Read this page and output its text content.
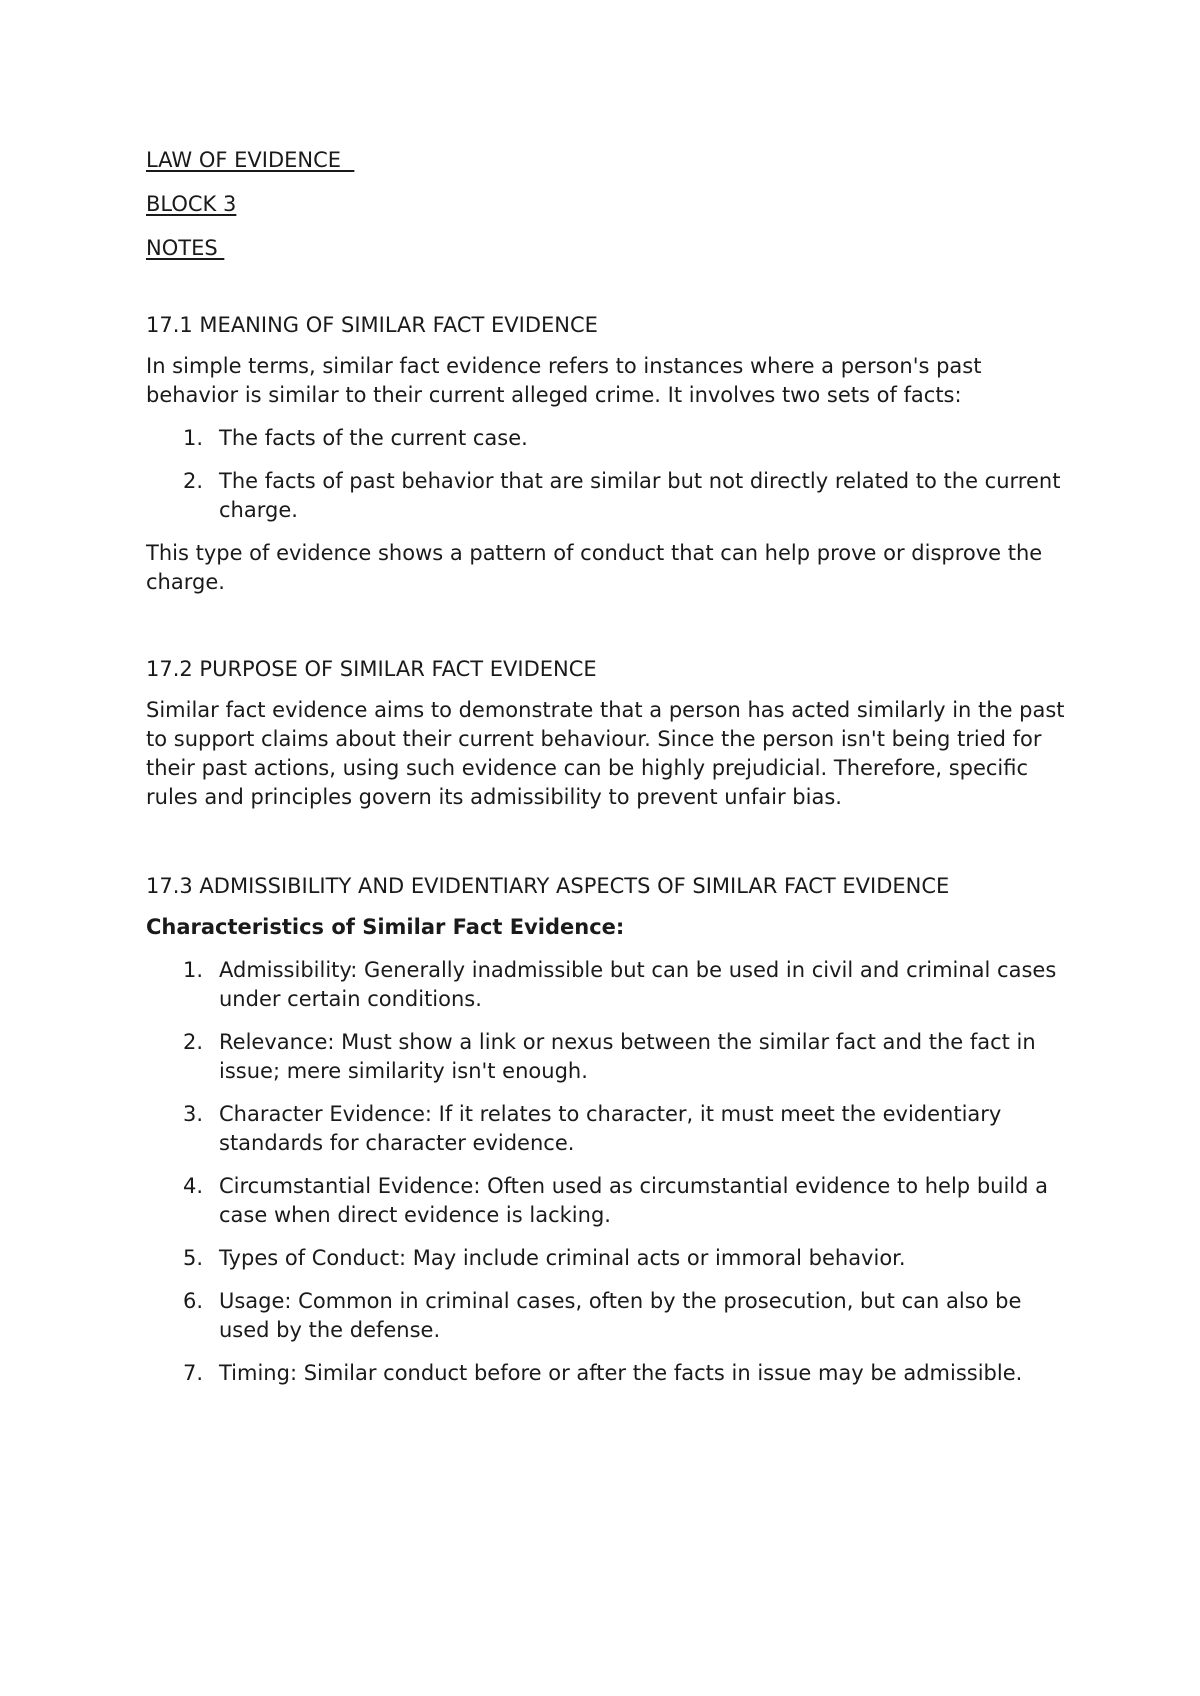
LAW OF EVIDENCE
BLOCK 3
NOTES
17.1 MEANING OF SIMILAR FACT EVIDENCE

In simple terms, similar fact evidence refers to instances where a person's past behavior is similar to their current alleged crime. It involves two sets of facts:

1. The facts of the current case.
2. The facts of past behavior that are similar but not directly related to the current charge.

This type of evidence shows a pattern of conduct that can help prove or disprove the charge.

17.2 PURPOSE OF SIMILAR FACT EVIDENCE

Similar fact evidence aims to demonstrate that a person has acted similarly in the past to support claims about their current behaviour. Since the person isn't being tried for their past actions, using such evidence can be highly prejudicial. Therefore, specific rules and principles govern its admissibility to prevent unfair bias.

17.3 ADMISSIBILITY AND EVIDENTIARY ASPECTS OF SIMILAR FACT EVIDENCE
Characteristics of Similar Fact Evidence:
1. Admissibility: Generally inadmissible but can be used in civil and criminal cases under certain conditions.
2. Relevance: Must show a link or nexus between the similar fact and the fact in issue; mere similarity isn't enough.
3. Character Evidence: If it relates to character, it must meet the evidentiary standards for character evidence.
4. Circumstantial Evidence: Often used as circumstantial evidence to help build a case when direct evidence is lacking.
5. Types of Conduct: May include criminal acts or immoral behavior.
6. Usage: Common in criminal cases, often by the prosecution, but can also be used by the defense.
7. Timing: Similar conduct before or after the facts in issue may be admissible.
